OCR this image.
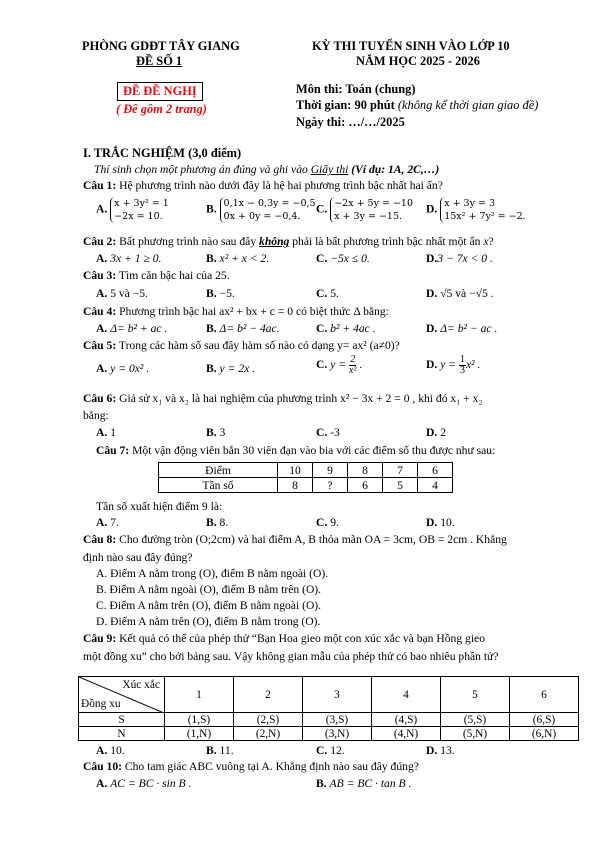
PHÒNG GDĐT TÂY GIANG
ĐỀ SỐ 1
ĐỀ ĐỀ NGHỊ
( Đề gồm 2 trang)
KỲ THI TUYỂN SINH VÀO LỚP 10
NĂM HỌC 2025 - 2026
Môn thi: Toán (chung)
Thời gian: 90 phút (không kể thời gian giao đề)
Ngày thi: …/…/2025
I. TRẮC NGHIỆM (3,0 điểm)
Thí sinh chọn một phương án đúng và ghi vào Giấy thi (Ví dụ: 1A, 2C,…)
Câu 1: Hệ phương trình nào dưới đây là hệ hai phương trình bậc nhất hai ẩn?
A. x + 3y² = 1
−2x = 10.
B. 0,1x − 0,3y = −0,5
0x + 0y = −0,4.
C. −2x + 5y = −10
x + 3y = −15.
D. x + 3y = 3
15x² + 7y² = −2.
Câu 2: Bất phương trình nào sau đây không phải là bất phương trình bậc nhất một ẩn x?
A. 3x + 1 ≥ 0.	B. x² + x < 2.	C. −5x ≤ 0.	D.3 − 7x < 0 .
Câu 3: Tìm căn bậc hai của 25.
A. 5 và −5.	B. −5.	C. 5.	D. √5 và −√5 .
Câu 4: Phương trình bậc hai ax² + bx + c = 0 có biệt thức Δ bằng:
A. Δ= b² + ac .	B. Δ= b² − 4ac.	C. b² + 4ac .	D. Δ= b² − ac .
Câu 5: Trong các hàm số sau đây hàm số nào có dạng y= ax² (a≠0)?
A. y = 0x² .	B. y = 2x .	C. $y = \frac{2}{\text{x²}}$ .	D. $y = \frac{1}{3} x^2$ .
Câu 6: Giả sử x₁ và x₂ là hai nghiệm của phương trình x² − 3x + 2 = 0 , khi đó x₁ + x₂
bằng:
A. 1	B. 3	C. -3	D. 2
Câu 7: Một vận động viên bắn 30 viên đạn vào bia với các điểm số thu được như sau:
Điểm	10	9	8	7	6
Tần số	8	?	6	5	4
Tần số xuất hiện điểm 9 là:
A. 7.	B. 8.	C. 9.	D. 10.
Câu 8: Cho đường tròn (O;2cm) và hai điểm A, B thỏa mãn OA = 3cm, OB = 2cm . Khẳng
định nào sau đây đúng?
A. Điểm A nằm trong (O), điểm B nằm ngoài (O).
B. Điểm A nằm ngoài (O), điểm B nằm trên (O).
C. Điểm A nằm trên (O), điểm B nằm ngoài (O).
D. Điểm A nằm trên (O), điểm B nằm trong (O).
Câu 9: Kết quả có thể của phép thử “Bạn Hoa gieo một con xúc xắc và bạn Hồng gieo
một đồng xu” cho bởi bảng sau. Vậy không gian mẫu của phép thử có bao nhiêu phần tử?
Xúc xắc
Đồng xu	1	2	3	4	5	6
S	(1,S)	(2,S)	(3,S)	(4,S)	(5,S)	(6,S)
N	(1,N)	(2,N)	(3,N)	(4,N)	(5,N)	(6,N)
A. 10.	B. 11.	C. 12.	D. 13.
Câu 10: Cho tam giác ABC vuông tại A. Khẳng định nào sau đây đúng?
A. AC = BC · sin B .	B. AB = BC · tan B .
